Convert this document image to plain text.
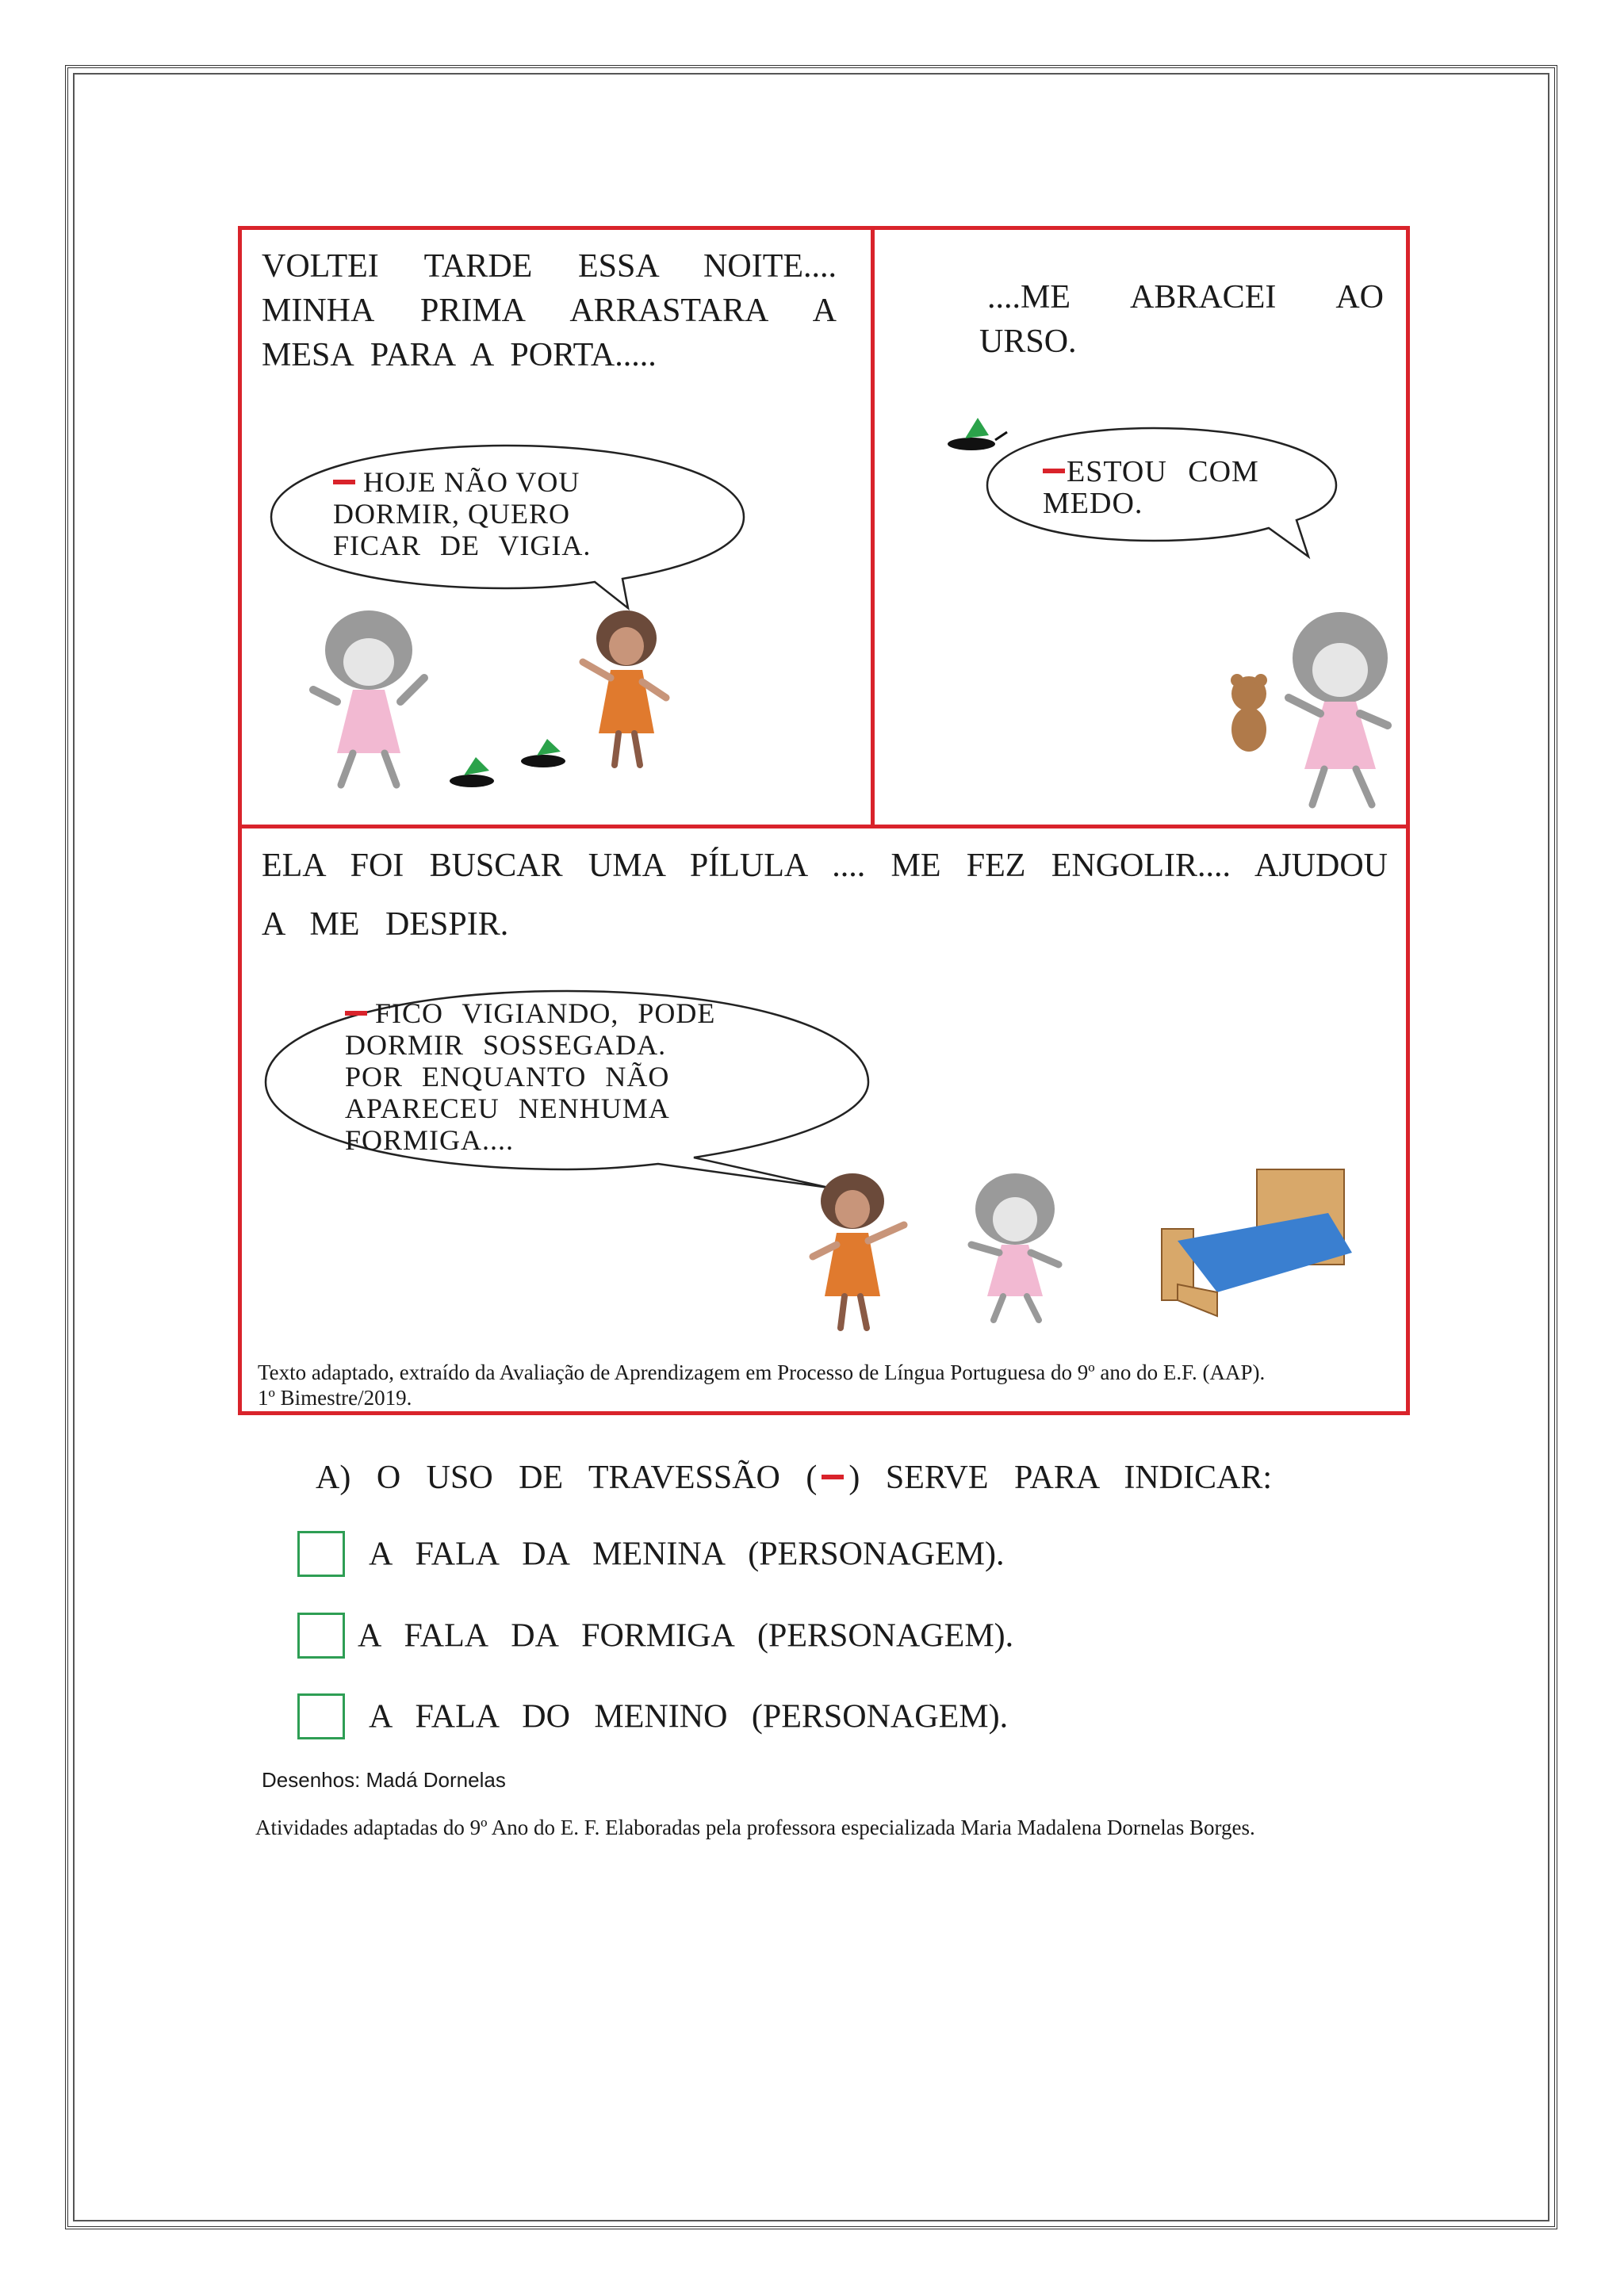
VOLTEI TARDE ESSA NOITE....
MINHA PRIMA ARRASTARA A
MESA PARA A PORTA.....
HOJE NÃO VOU
DORMIR, QUERO
FICAR DE VIGIA.
....ME ABRACEI AO
URSO.
ESTOU COM
MEDO.
ELA FOI BUSCAR UMA PÍLULA .... ME FEZ ENGOLIR.... AJUDOU
A ME DESPIR.
FICO VIGIANDO, PODE
DORMIR SOSSEGADA.
POR ENQUANTO NÃO
APARECEU NENHUMA
FORMIGA....
Texto adaptado, extraído da Avaliação de Aprendizagem em Processo de Língua Portuguesa do 9º ano do E.F. (AAP).
1º Bimestre/2019.
A) O USO DE TRAVESSÃO ( ) SERVE PARA INDICAR:
A FALA DA MENINA (PERSONAGEM).
A FALA DA FORMIGA (PERSONAGEM).
A FALA DO MENINO (PERSONAGEM).
Desenhos: Madá Dornelas
Atividades adaptadas do 9º Ano do E. F. Elaboradas pela professora especializada Maria Madalena Dornelas Borges.
